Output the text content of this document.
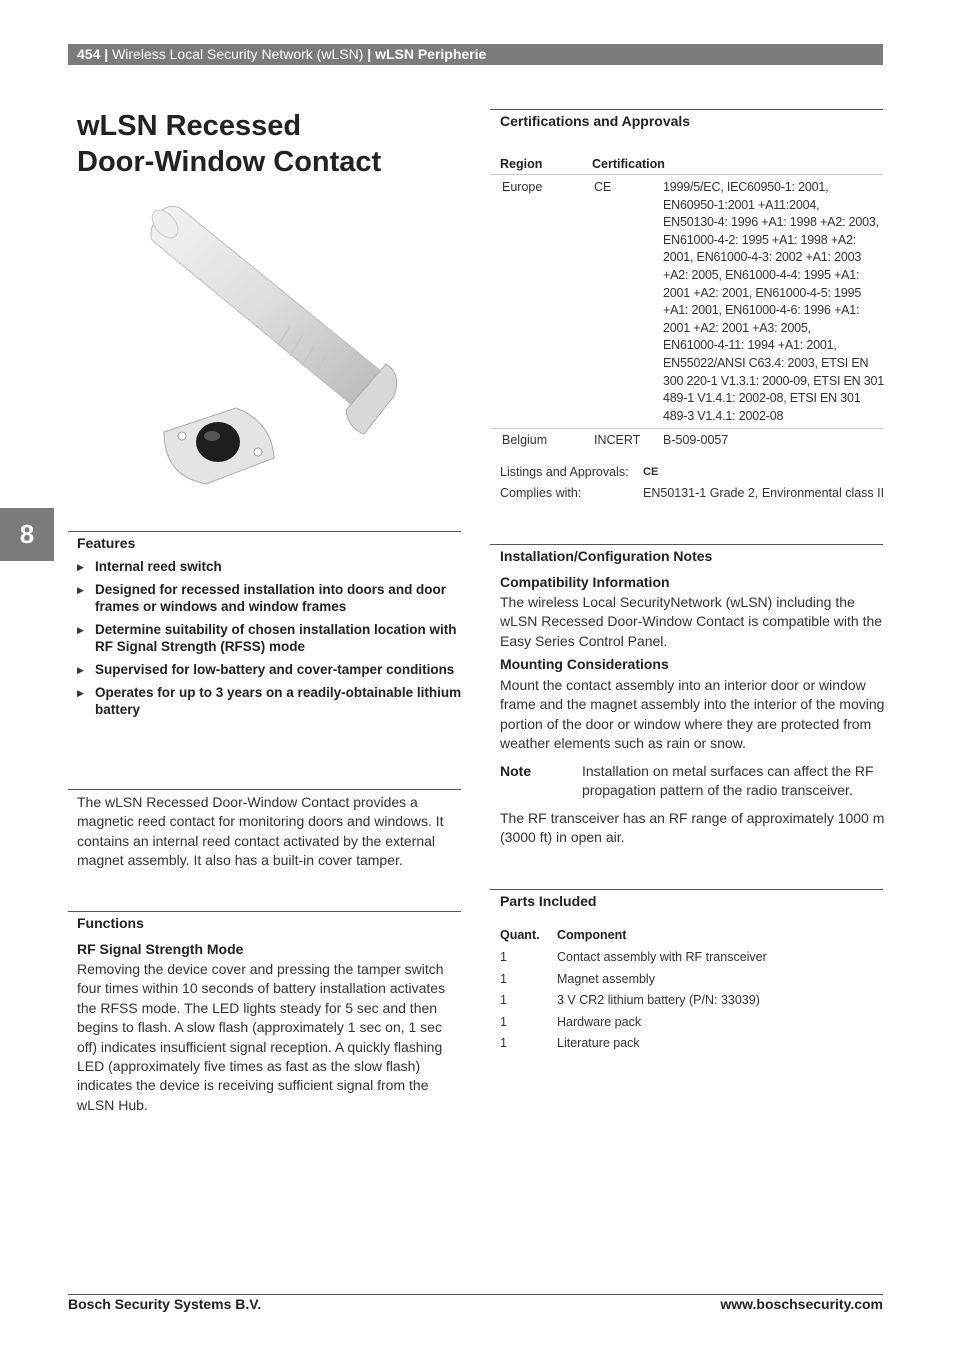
454 | Wireless Local Security Network (wLSN) | wLSN Peripherie
wLSN Recessed
Door-Window Contact
8	Features
▶ Internal reed switch
▶ Designed for recessed installation into doors and door frames or windows and window frames
▶ Determine suitability of chosen installation location with RF Signal Strength (RFSS) mode
▶ Supervised for low-battery and cover-tamper conditions
▶ Operates for up to 3 years on a readily-obtainable lithium battery
The wLSN Recessed Door-Window Contact provides a magnetic reed contact for monitoring doors and windows. It contains an internal reed contact activated by the external magnet assembly. It also has a built-in cover tamper.
Functions
RF Signal Strength Mode
Removing the device cover and pressing the tamper switch four times within 10 seconds of battery installation activates the RFSS mode. The LED lights steady for 5 sec and then begins to flash. A slow flash (approximately 1 sec on, 1 sec off) indicates insufficient signal reception. A quickly flashing LED (approximately five times as fast as the slow flash) indicates the device is receiving sufficient signal from the wLSN Hub.
Certifications and Approvals
Region	Certification
Europe	CE	1999/5/EC, IEC60950-1: 2001,
EN60950-1:2001 +A11:2004,
EN50130-4: 1996 +A1: 1998 +A2: 2003,
EN61000-4-2: 1995 +A1: 1998 +A2:
2001, EN61000-4-3: 2002 +A1: 2003
+A2: 2005, EN61000-4-4: 1995 +A1:
2001 +A2: 2001, EN61000-4-5: 1995
+A1: 2001, EN61000-4-6: 1996 +A1:
2001 +A2: 2001 +A3: 2005,
EN61000-4-11: 1994 +A1: 2001,
EN55022/ANSI C63.4: 2003, ETSI EN
300 220-1 V1.3.1: 2000-09, ETSI EN 301
489-1 V1.4.1: 2002-08, ETSI EN 301
489-3 V1.4.1: 2002-08
Belgium	INCERT B-509-0057
Listings and Approvals: CE
Complies with:	EN50131-1 Grade 2, Environmental class II
Installation/Configuration Notes
Compatibility Information
The wireless Local SecurityNetwork (wLSN) including the wLSN Recessed Door-Window Contact is compatible with the Easy Series Control Panel.
Mounting Considerations
Mount the contact assembly into an interior door or window frame and the magnet assembly into the interior of the moving portion of the door or window where they are protected from weather elements such as rain or snow.
Note	Installation on metal surfaces can affect the RF propagation pattern of the radio transceiver.
The RF transceiver has an RF range of approximately 1000 m (3000 ft) in open air.
Parts Included
Quant. Component
1	Contact assembly with RF transceiver
1	Magnet assembly
1	3 V CR2 lithium battery (P/N: 33039)
1	Hardware pack
1	Literature pack
Bosch Security Systems B.V.	www.boschsecurity.com
